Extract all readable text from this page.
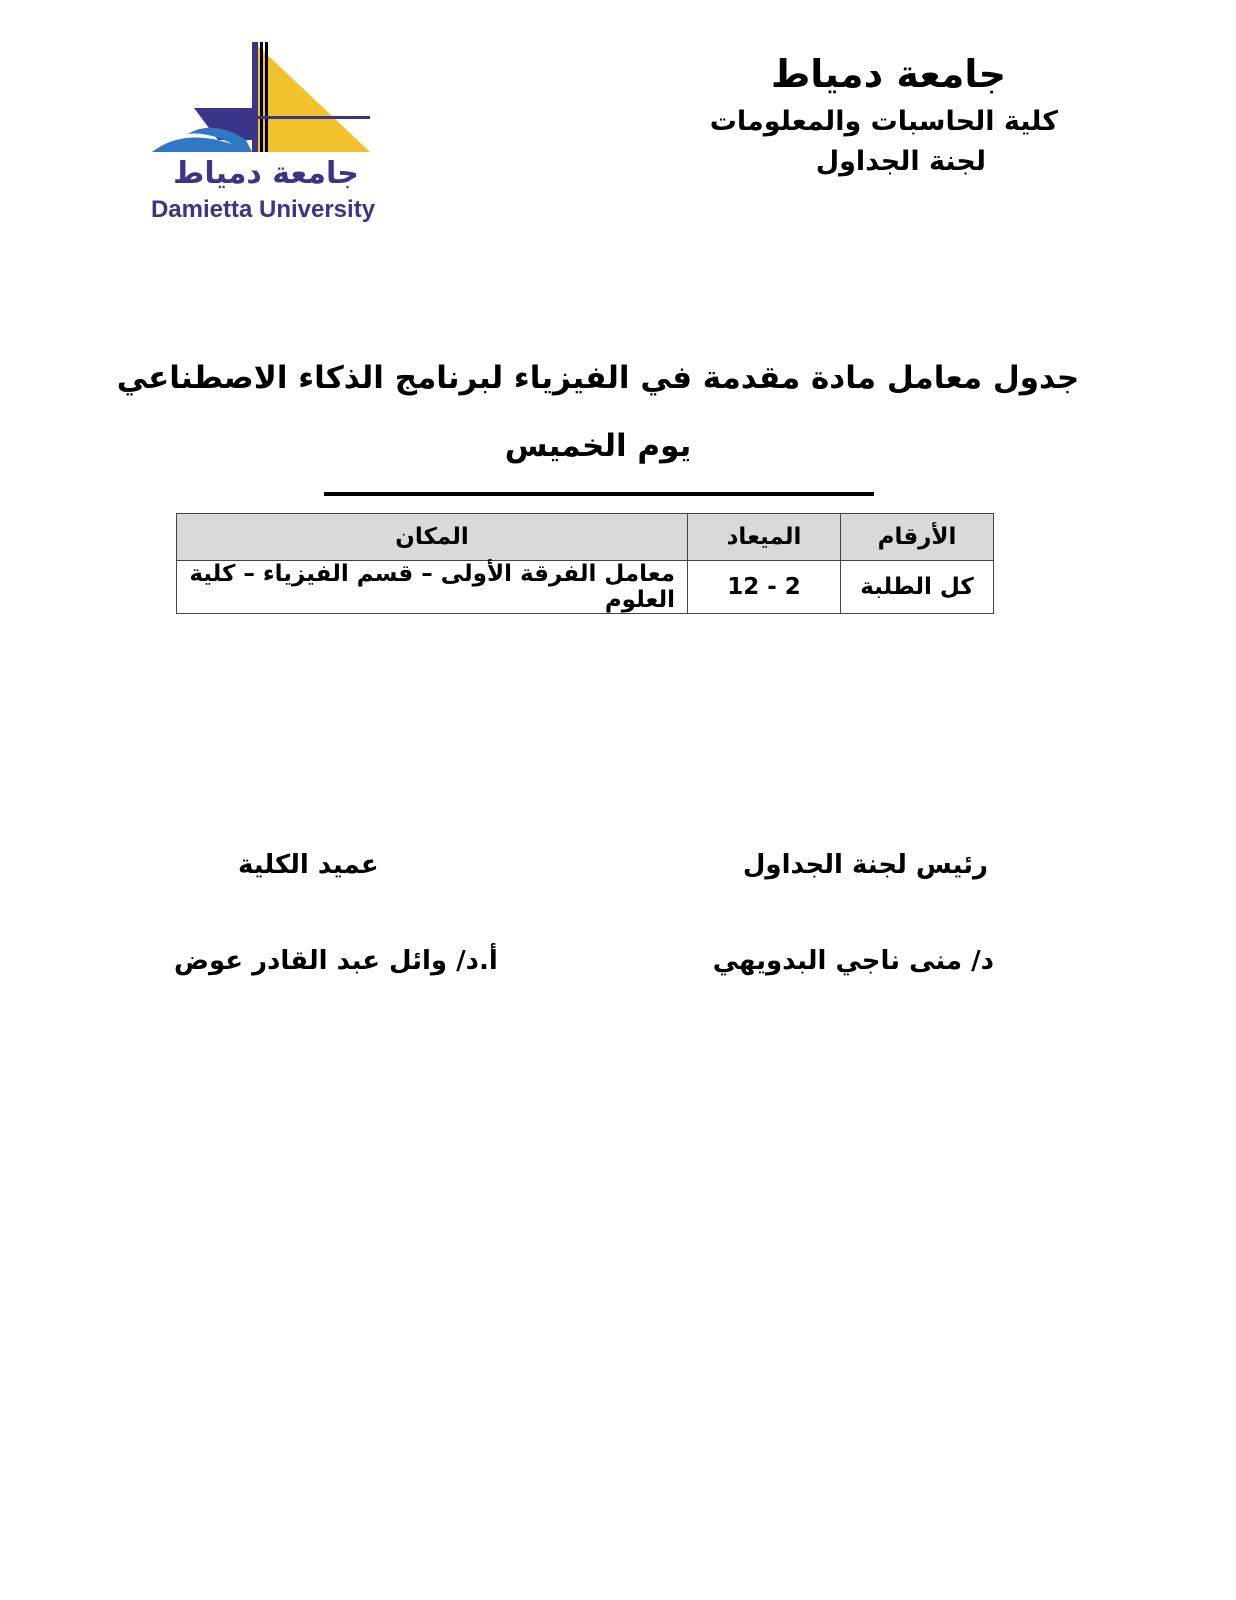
جامعة دمياط
كلية الحاسبات والمعلومات
لجنة الجداول
جامعة دمياط
Damietta University
جدول معامل مادة مقدمة في الفيزياء لبرنامج الذكاء الاصطناعي
يوم الخميس
الأرقام	الميعاد	المكان
كل الطلبة	12 - 2	معامل الفرقة الأولى – قسم الفيزياء – كلية العلوم
رئيس لجنة الجداول
عميد الكلية
د/ منى ناجي البدويهي
أ.د/ وائل عبد القادر عوض
